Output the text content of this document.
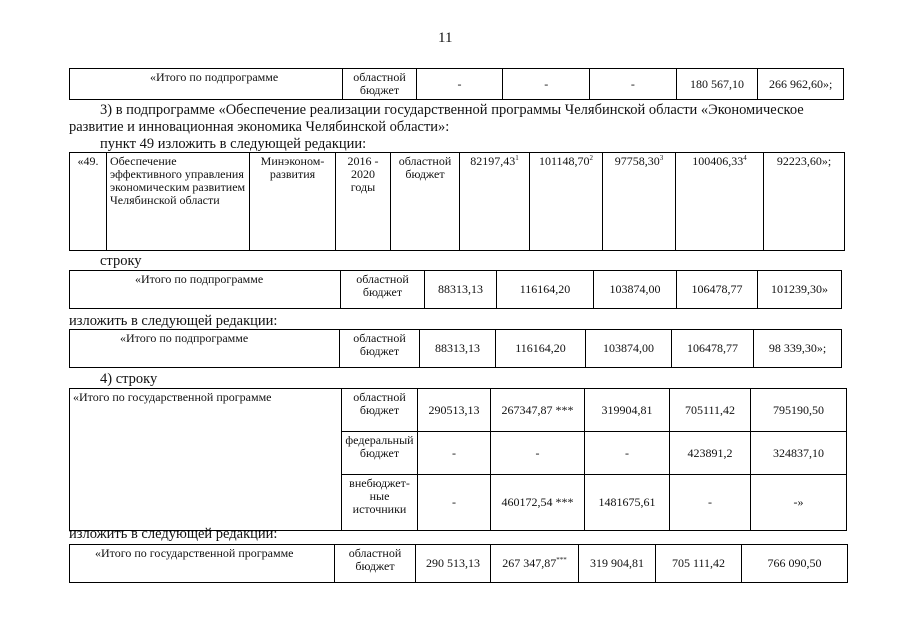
11
«Итого по подпрограмме	областной бюджет	-	-	-	180 567,10	266 962,60»;
3) в подпрограмме «Обеспечение реализации государственной программы Челябинской области «Экономическое
развитие и инновационная экономика Челябинской области»:
пункт 49 изложить в следующей редакции:
«49.	Обеспечение эффективного управления экономическим развитием Челябинской области	Минэконом-развития	2016 - 2020 годы	областной бюджет	82197,43$^1$	101148,70$^2$	97758,30$^3$	100406,33$^4$	92223,60»;
строку
«Итого по подпрограмме	областной бюджет	88313,13	116164,20	103874,00	106478,77	101239,30»
изложить в следующей редакции:
«Итого по подпрограмме	областной бюджет	88313,13	116164,20	103874,00	106478,77	98 339,30»;
4) строку
«Итого по государственной программе	областной бюджет	290513,13	267347,87 ***	319904,81	705111,42	795190,50
	федеральный бюджет	-	-	-	423891,2	324837,10
	внебюджет-ные источники	-	460172,54 ***	1481675,61	-	-»
изложить в следующей редакции:
«Итого по государственной программе	областной бюджет	290 513,13	267 347,87***	319 904,81	705 111,42	766 090,50
